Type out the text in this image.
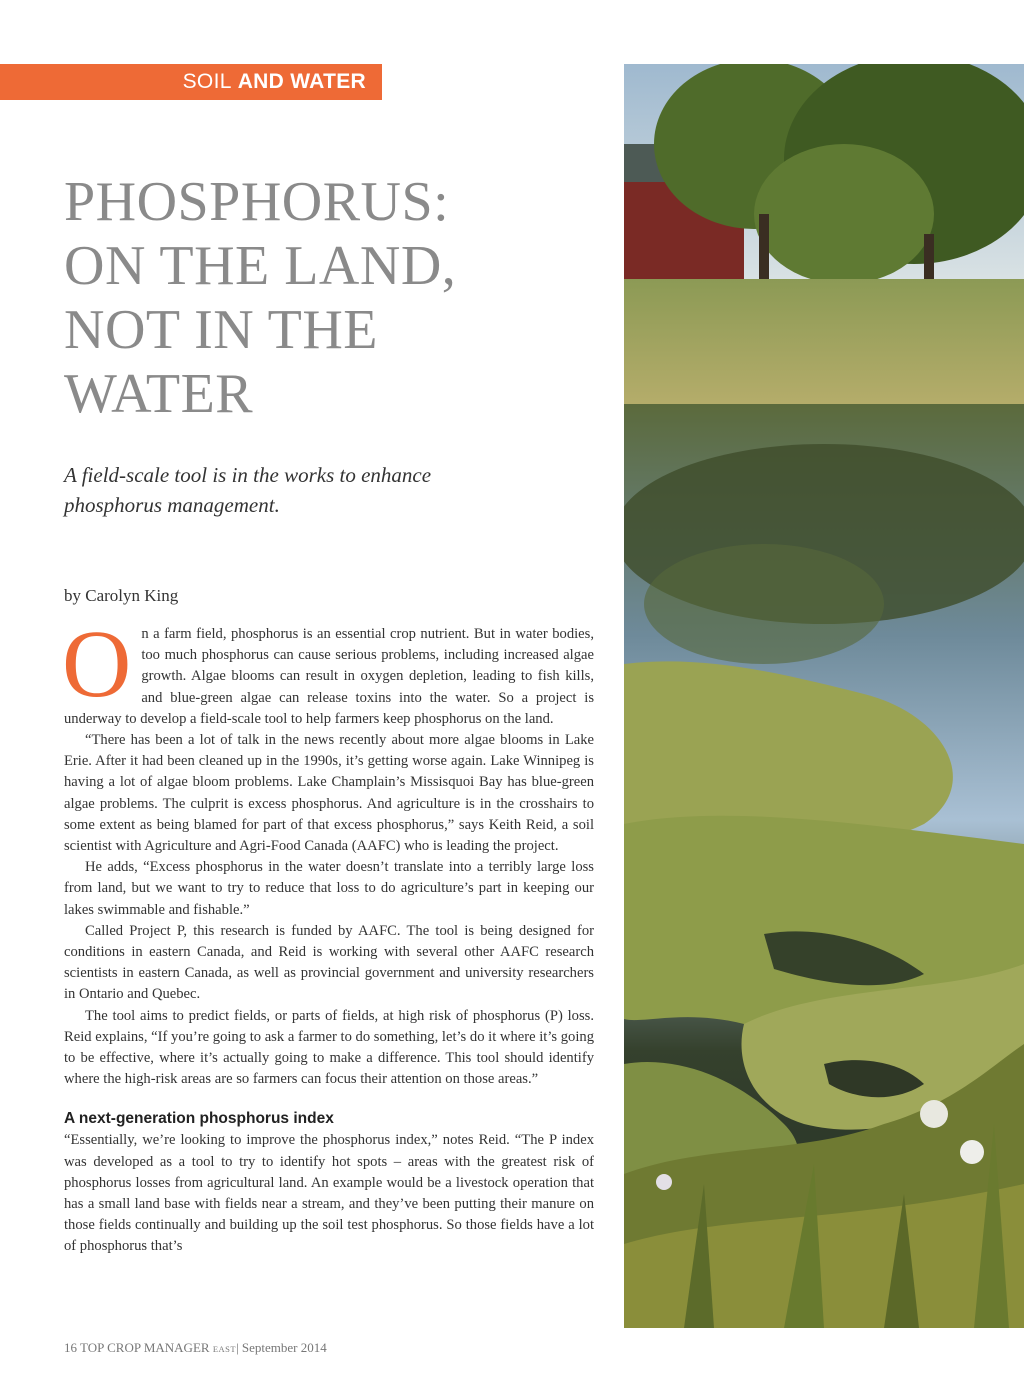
SOIL AND WATER
PHOSPHORUS:
ON THE LAND,
NOT IN THE
WATER
A field-scale tool is in the works to enhance
phosphorus management.
by Carolyn King

On a farm field, phosphorus is an essential crop nutrient. But in water bodies, too much phosphorus can cause serious problems, including increased algae growth. Algae blooms can result in oxygen depletion, leading to fish kills, and blue-green algae can release toxins into the water. So a project is underway to develop a field-scale tool to help farmers keep phosphorus on the land.

“There has been a lot of talk in the news recently about more algae blooms in Lake Erie. After it had been cleaned up in the 1990s, it’s getting worse again. Lake Winnipeg is having a lot of algae bloom problems. Lake Champlain’s Missisquoi Bay has blue-green algae problems. The culprit is excess phosphorus. And agriculture is in the crosshairs to some extent as being blamed for part of that excess phosphorus,” says Keith Reid, a soil scientist with Agriculture and Agri-Food Canada (AAFC) who is leading the project.

He adds, “Excess phosphorus in the water doesn’t translate into a terribly large loss from land, but we want to try to reduce that loss to do agriculture’s part in keeping our lakes swimmable and fishable.”

Called Project P, this research is funded by AAFC. The tool is being designed for conditions in eastern Canada, and Reid is working with several other AAFC research scientists in eastern Canada, as well as provincial government and university researchers in Ontario and Quebec.

The tool aims to predict fields, or parts of fields, at high risk of phosphorus (P) loss. Reid explains, “If you’re going to ask a farmer to do something, let’s do it where it’s going to be effective, where it’s actually going to make a difference. This tool should identify where the high-risk areas are so farmers can focus their attention on those areas.”

A next-generation phosphorus index

“Essentially, we’re looking to improve the phosphorus index,” notes Reid. “The P index was developed as a tool to try to identify hot spots – areas with the greatest risk of phosphorus losses from agricultural land. An example would be a livestock operation that has a small land base with fields near a stream, and they’ve been putting their manure on those fields continually and building up the soil test phosphorus. So those fields have a lot of phosphorus that’s

16 TOP CROP MANAGER EAST| September 2014
